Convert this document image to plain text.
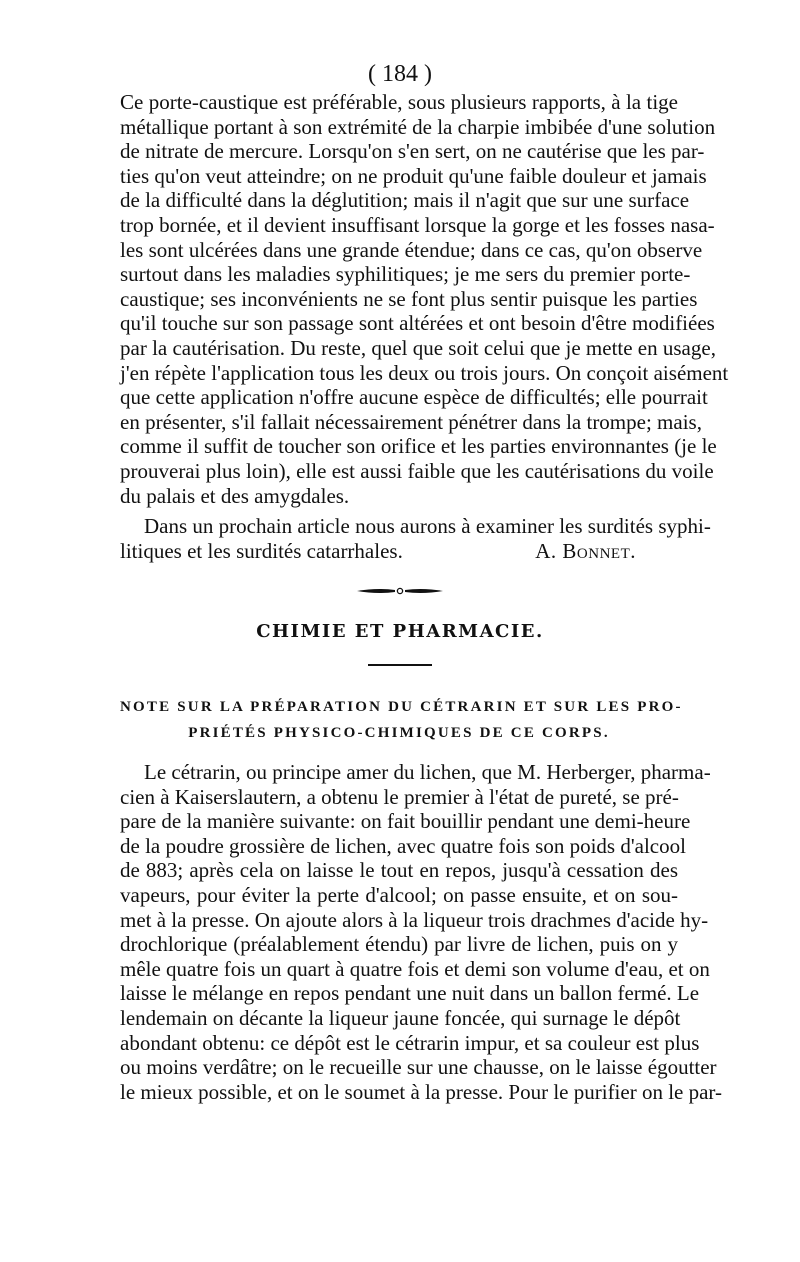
( 184 )
Ce porte-caustique est préférable, sous plusieurs rapports, à la tige
métallique portant à son extrémité de la charpie imbibée d'une solution
de nitrate de mercure. Lorsqu'on s'en sert, on ne cautérise que les par-
ties qu'on veut atteindre; on ne produit qu'une faible douleur et jamais
de la difficulté dans la déglutition; mais il n'agit que sur une surface
trop bornée, et il devient insuffisant lorsque la gorge et les fosses nasa-
les sont ulcérées dans une grande étendue; dans ce cas, qu'on observe
surtout dans les maladies syphilitiques; je me sers du premier porte-
caustique; ses inconvénients ne se font plus sentir puisque les parties
qu'il touche sur son passage sont altérées et ont besoin d'être modifiées
par la cautérisation. Du reste, quel que soit celui que je mette en usage,
j'en répète l'application tous les deux ou trois jours. On conçoit aisément
que cette application n'offre aucune espèce de difficultés; elle pourrait
en présenter, s'il fallait nécessairement pénétrer dans la trompe; mais,
comme il suffit de toucher son orifice et les parties environnantes (je le
prouverai plus loin), elle est aussi faible que les cautérisations du voile
du palais et des amygdales.
Dans un prochain article nous aurons à examiner les surdités syphi-
litiques et les surdités catarrhales.	A. Bonnet.
CHIMIE ET PHARMACIE.
NOTE SUR LA PRÉPARATION DU CÉTRARIN ET SUR LES PRO-
PRIÉTÉS PHYSICO-CHIMIQUES DE CE CORPS.
Le cétrarin, ou principe amer du lichen, que M. Herberger, pharma-
cien à Kaiserslautern, a obtenu le premier à l'état de pureté, se pré-
pare de la manière suivante: on fait bouillir pendant une demi-heure
de la poudre grossière de lichen, avec quatre fois son poids d'alcool
de 883; après cela on laisse le tout en repos, jusqu'à cessation des
vapeurs, pour éviter la perte d'alcool; on passe ensuite, et on sou-
met à la presse. On ajoute alors à la liqueur trois drachmes d'acide hy-
drochlorique (préalablement étendu) par livre de lichen, puis on y
mêle quatre fois un quart à quatre fois et demi son volume d'eau, et on
laisse le mélange en repos pendant une nuit dans un ballon fermé. Le
lendemain on décante la liqueur jaune foncée, qui surnage le dépôt
abondant obtenu: ce dépôt est le cétrarin impur, et sa couleur est plus
ou moins verdâtre; on le recueille sur une chausse, on le laisse égoutter
le mieux possible, et on le soumet à la presse. Pour le purifier on le par-
